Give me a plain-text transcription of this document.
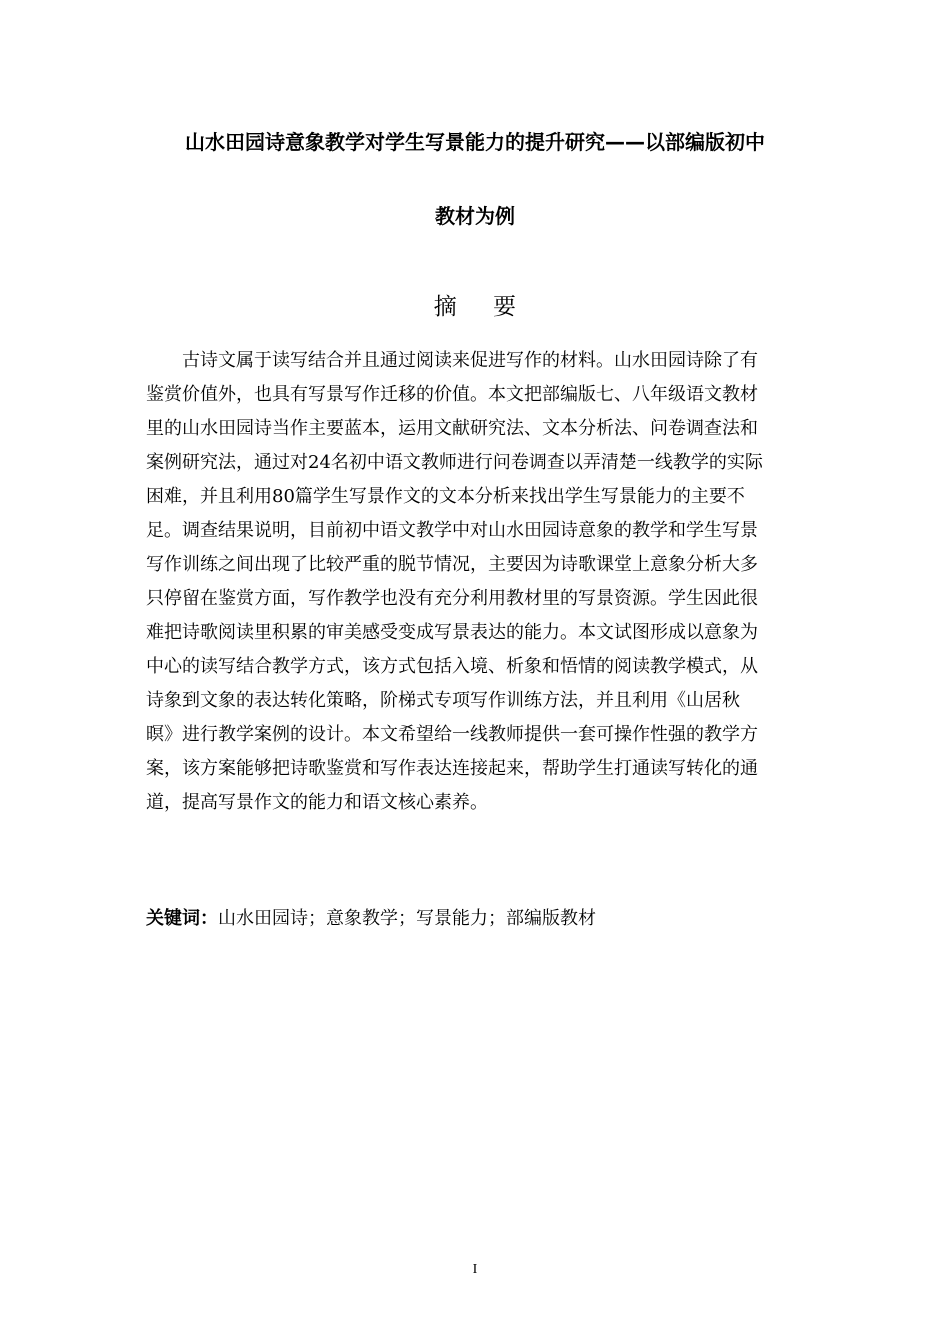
山水田园诗意象教学对学生写景能力的提升研究——以部编版初中
教材为例
摘 要
　　古诗文属于读写结合并且通过阅读来促进写作的材料。山水田园诗除了有
鉴赏价值外，也具有写景写作迁移的价值。本文把部编版七、八年级语文教材
里的山水田园诗当作主要蓝本，运用文献研究法、文本分析法、问卷调查法和
案例研究法，通过对24名初中语文教师进行问卷调查以弄清楚一线教学的实际
困难，并且利用80篇学生写景作文的文本分析来找出学生写景能力的主要不
足。调查结果说明，目前初中语文教学中对山水田园诗意象的教学和学生写景
写作训练之间出现了比较严重的脱节情况，主要因为诗歌课堂上意象分析大多
只停留在鉴赏方面，写作教学也没有充分利用教材里的写景资源。学生因此很
难把诗歌阅读里积累的审美感受变成写景表达的能力。本文试图形成以意象为
中心的读写结合教学方式，该方式包括入境、析象和悟情的阅读教学模式，从
诗象到文象的表达转化策略，阶梯式专项写作训练方法，并且利用《山居秋
暝》进行教学案例的设计。本文希望给一线教师提供一套可操作性强的教学方
案，该方案能够把诗歌鉴赏和写作表达连接起来，帮助学生打通读写转化的通
道，提高写景作文的能力和语文核心素养。
关键词：山水田园诗；意象教学；写景能力；部编版教材
I
